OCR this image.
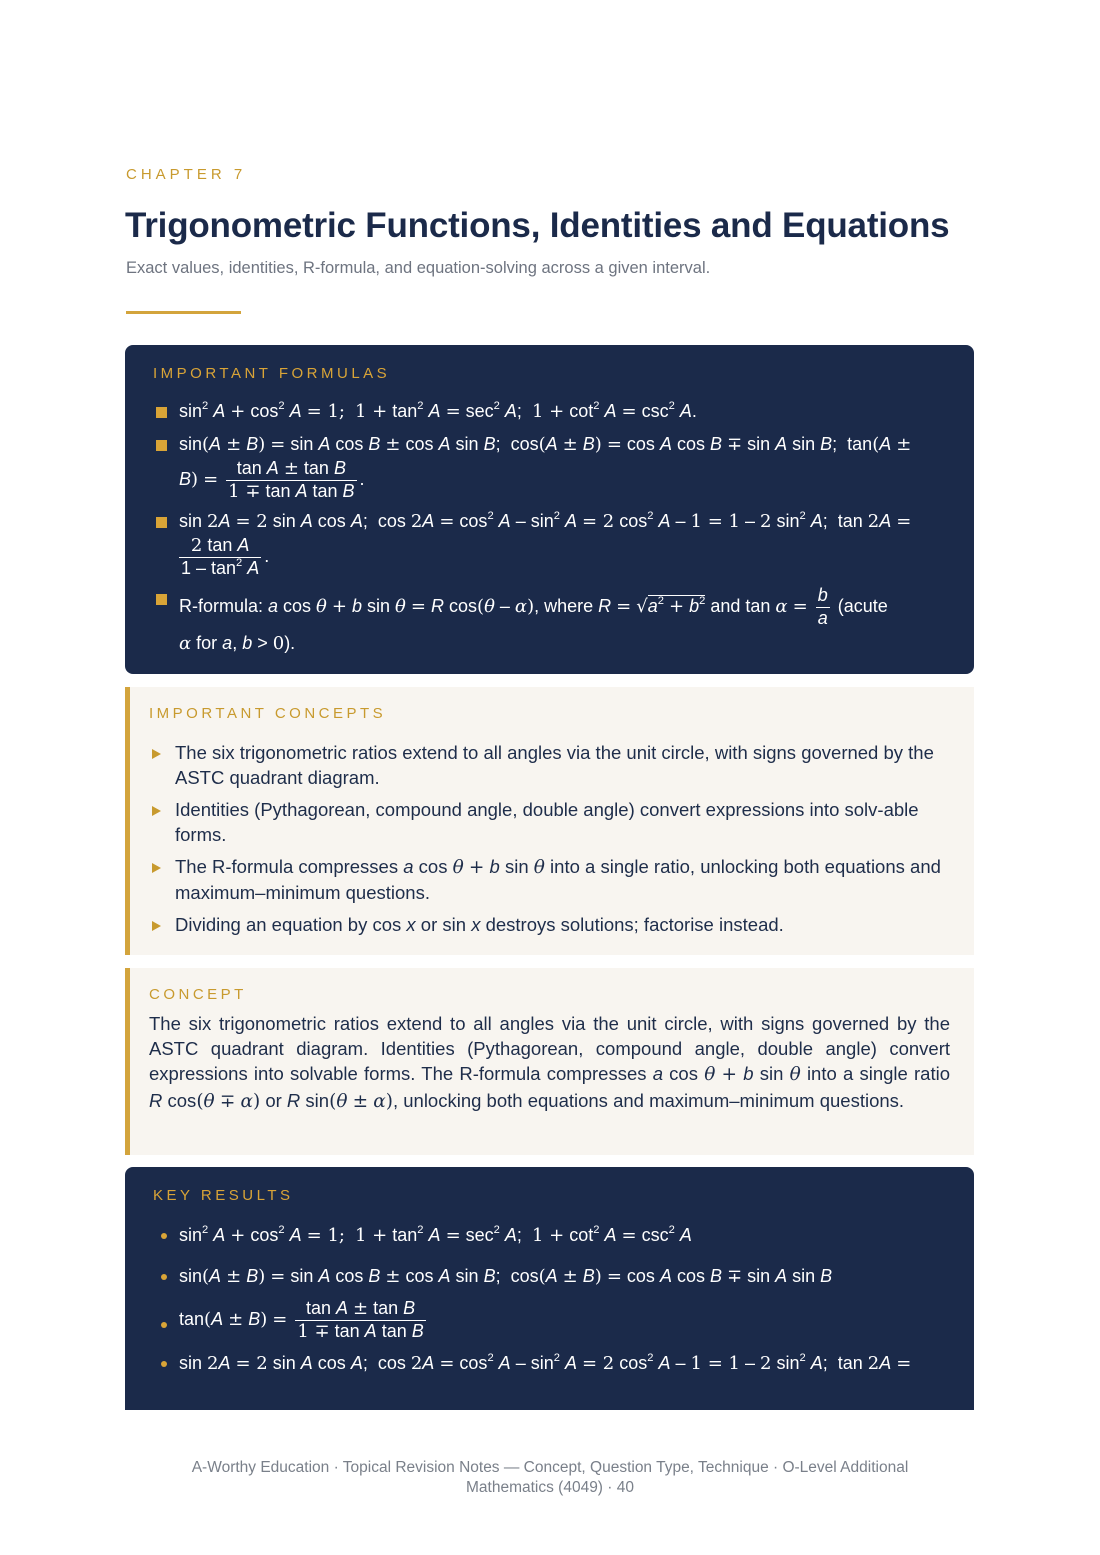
CHAPTER 7
Trigonometric Functions, Identities and Equations
Exact values, identities, R-formula, and equation-solving across a given interval.
IMPORTANT FORMULAS
$\sin^2 A + \cos^2 A = 1$; $1 + \tan^2 A = \sec^2 A$;  $1 + \cot^2 A = \csc^2 A$.
sin(A ± B) = sin A cos B ± cos A sin B;  cos(A ± B) = cos A cos B ∓ sin A sin B;  tan(A ±
$B) = \frac{\text{tan A ± tan B}}{\text{1 ∓ tan A tan B}}$ .
sin 2A = 2 sin A cos A;  $\cos 2A = \cos^2 A - \sin^2 A = 2$ $\cos^2 A - 1 = 1 - 2$ $\sin^2 A$;  tan 2A =

$\frac{\text{2 tan A}}{1 - \tan^2 A}$ .
R-formula: a cos θ + b sin θ = R cos(θ – α), where $R = √a^2 + b^2$ and $\tan \alpha = \frac{b}{a}$ (acute
α for a, b > 0).
IMPORTANT CONCEPTS
The six trigonometric ratios extend to all angles via the unit circle, with signs governed by the ASTC quadrant diagram.
Identities (Pythagorean, compound angle, double angle) convert expressions into solv-able forms.
The R-formula compresses a cos θ + b sin θ into a single ratio, unlocking both equations and maximum–minimum questions.
Dividing an equation by cos x or sin x destroys solutions; factorise instead.
CONCEPT

The six trigonometric ratios extend to all angles via the unit circle, with signs governed by the ASTC quadrant diagram. Identities (Pythagorean, compound angle, double angle) convert expressions into solvable forms. The R-formula compresses a cos θ + b sin θ into a single ratio R cos(θ ∓ α) or R sin(θ ± α), unlocking both equations and maximum–minimum questions.

KEY RESULTS
$\sin^2 A + \cos^2 A = 1$; $1 + \tan^2 A = \sec^2 A$;  $1 + \cot^2 A = \csc^2 A$
sin(A ± B) = sin A cos B ± cos A sin B;  cos(A ± B) = cos A cos B ∓ sin A sin B
$\tan(A \pm B) = \frac{\text{tan A ± tan B}}{\text{1 ∓ tan A tan B}}$
sin 2A = 2 sin A cos A;  $\cos 2A = \cos^2 A - \sin^2 A = 2$ $\cos^2 A - 1 = 1 - 2$ $\sin^2 A$;  tan 2A =
A-Worthy Education · Topical Revision Notes — Concept, Question Type, Technique · O-Level Additional Mathematics (4049) · 40
